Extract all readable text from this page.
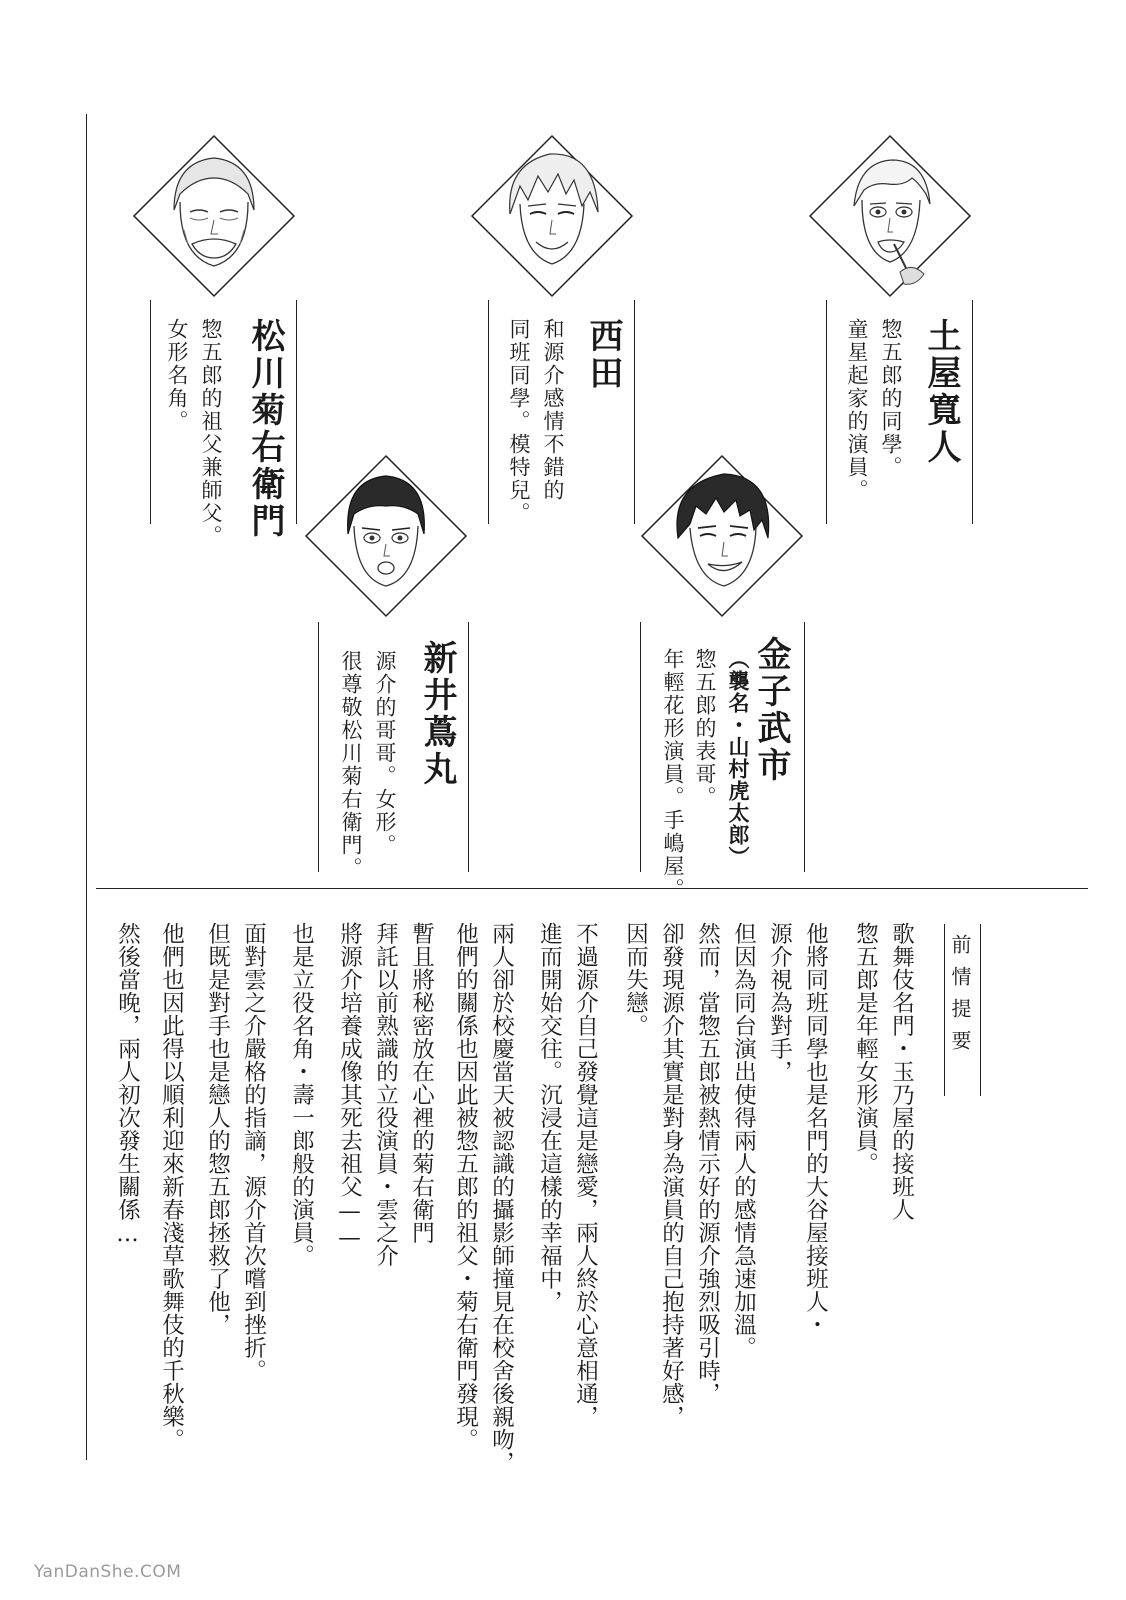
土屋寬人
惣五郎的同學。
童星起家的演員。
西田
和源介感情不錯的
同班同學。模特兒。
松川菊右衛門
惣五郎的祖父兼師父。
女形名角。
金子武市
（襲名・山村虎太郎）
惣五郎的表哥。
年輕花形演員。手嶋屋。
新井蔦丸
源介的哥哥。女形。
很尊敬松川菊右衛門。
前情提要
歌舞伎名門・玉乃屋的接班人
惣五郎是年輕女形演員。
他將同班同學也是名門的大谷屋接班人・
源介視為對手，
但因為同台演出使得兩人的感情急速加溫。
然而，當惣五郎被熱情示好的源介強烈吸引時，
卻發現源介其實是對身為演員的自己抱持著好感，
因而失戀。
不過源介自己發覺這是戀愛，兩人終於心意相通，
進而開始交往。沉浸在這樣的幸福中，
兩人卻於校慶當天被認識的攝影師撞見在校舍後親吻，
他們的關係也因此被惣五郎的祖父・菊右衛門發現。
暫且將秘密放在心裡的菊右衛門
拜託以前熟識的立役演員・雲之介
將源介培養成像其死去祖父——
也是立役名角・壽一郎般的演員。
面對雲之介嚴格的指謫，源介首次嚐到挫折。
但既是對手也是戀人的惣五郎拯救了他，
他們也因此得以順利迎來新春淺草歌舞伎的千秋樂。
然後當晚，兩人初次發生關係…
YanDanShe.COM
